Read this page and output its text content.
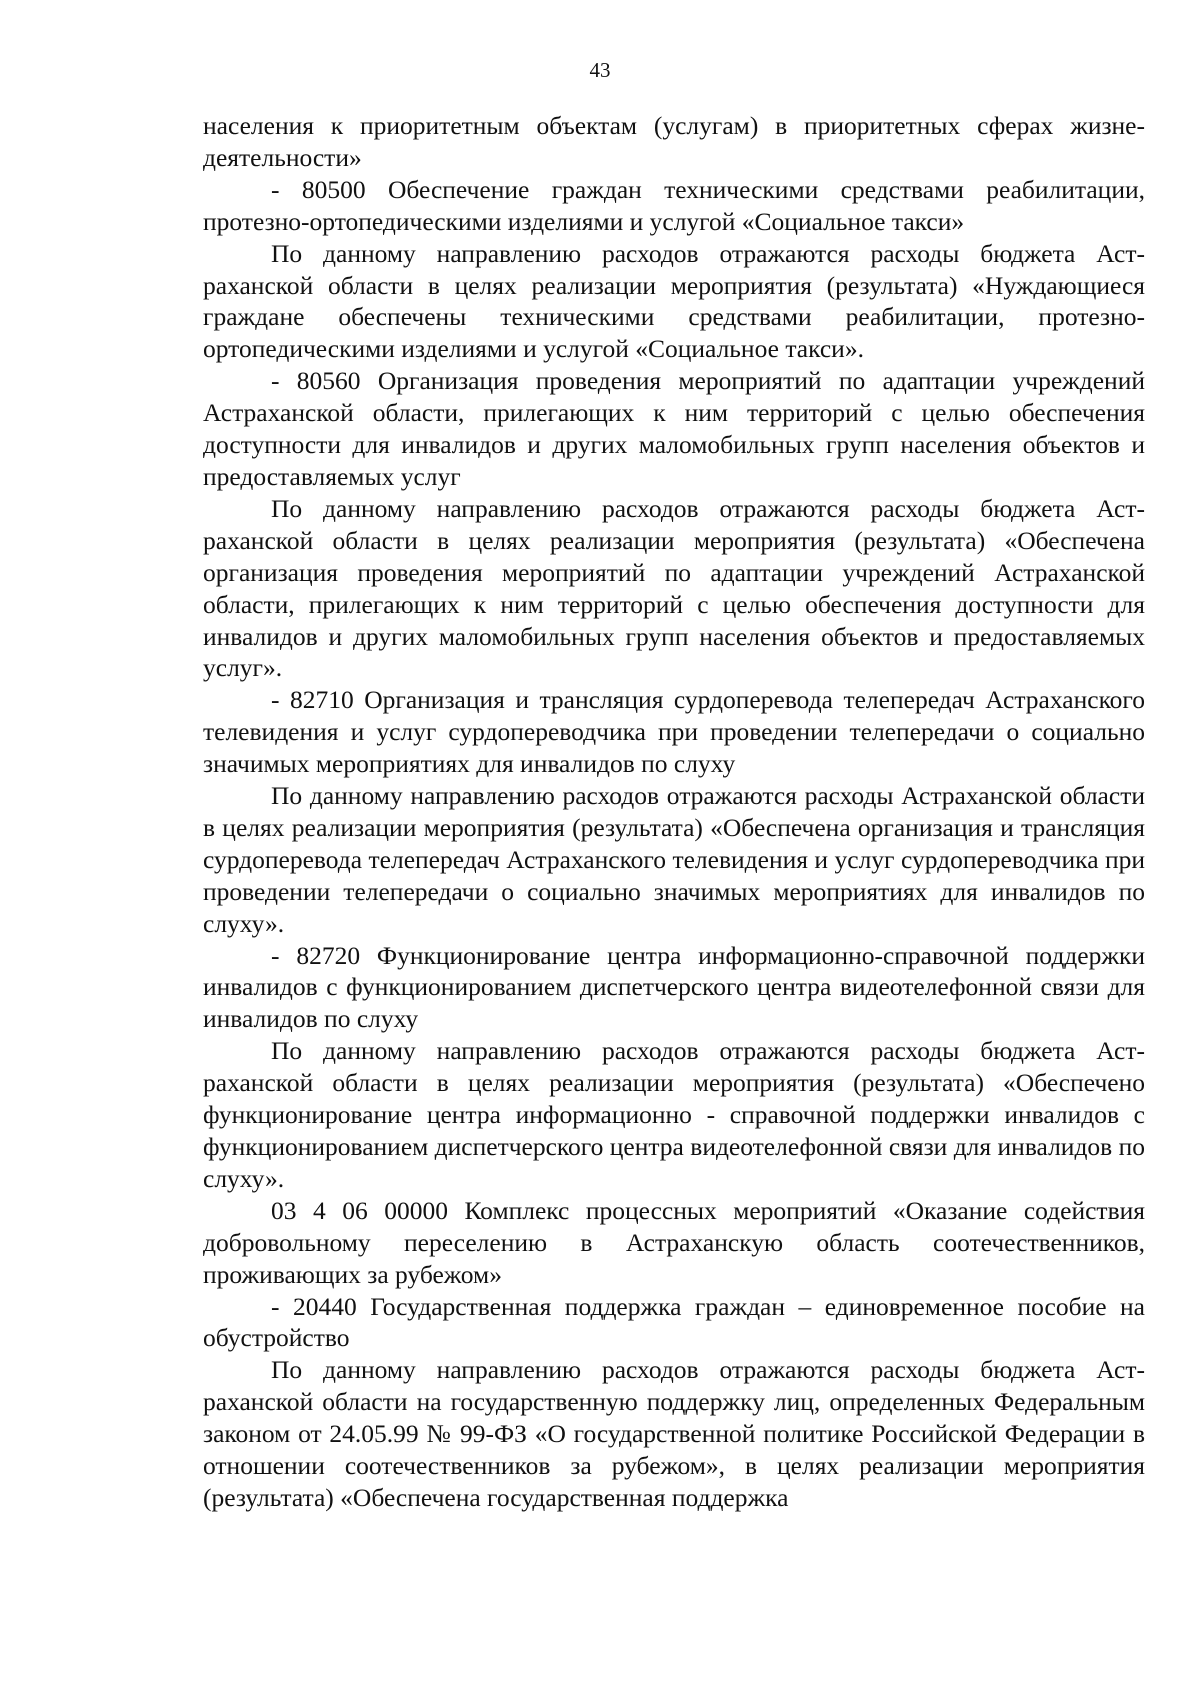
43

населения к приоритетным объектам (услугам) в приоритетных сферах жизнедеятельности»

- 80500 Обеспечение граждан техническими средствами реабилитации, протезно-ортопедическими изделиями и услугой «Социальное такси»

По данному направлению расходов отражаются расходы бюджета Астраханской области в целях реализации мероприятия (результата) «Нуждающиеся граждане обеспечены техническими средствами реабилитации, протезноортопедическими изделиями и услугой «Социальное такси».

- 80560 Организация проведения мероприятий по адаптации учреждений Астраханской области, прилегающих к ним территорий с целью обеспечения доступности для инвалидов и других маломобильных групп населения объектов и предоставляемых услуг

По данному направлению расходов отражаются расходы бюджета Астраханской области в целях реализации мероприятия (результата) «Обеспечена организация проведения мероприятий по адаптации учреждений Астраханской области, прилегающих к ним территорий с целью обеспечения доступности для инвалидов и других маломобильных групп населения объектов и предоставляемых услуг».

- 82710 Организация и трансляция сурдоперевода телепередач Астраханского телевидения и услуг сурдопереводчика при проведении телепередачи о социально значимых мероприятиях для инвалидов по слуху

По данному направлению расходов отражаются расходы Астраханской области в целях реализации мероприятия (результата) «Обеспечена организация и трансляция сурдоперевода телепередач Астраханского телевидения и услуг сурдопереводчика при проведении телепередачи о социально значимых мероприятиях для инвалидов по слуху».

- 82720 Функционирование центра информационно-справочной поддержки инвалидов с функционированием диспетчерского центра видеотелефонной связи для инвалидов по слуху

По данному направлению расходов отражаются расходы бюджета Астраханской области в целях реализации мероприятия (результата) «Обеспечено функционирование центра информационно - справочной поддержки инвалидов с функционированием диспетчерского центра видеотелефонной связи для инвалидов по слуху».

03 4 06 00000 Комплекс процессных мероприятий «Оказание содействия добровольному переселению в Астраханскую область соотечественников, проживающих за рубежом»

- 20440 Государственная поддержка граждан – единовременное пособие на обустройство

По данному направлению расходов отражаются расходы бюджета Астраханской области на государственную поддержку лиц, определенных Федеральным законом от 24.05.99 № 99-ФЗ «О государственной политике Российской Федерации в отношении соотечественников за рубежом», в целях реализации мероприятия (результата) «Обеспечена государственная поддержка
